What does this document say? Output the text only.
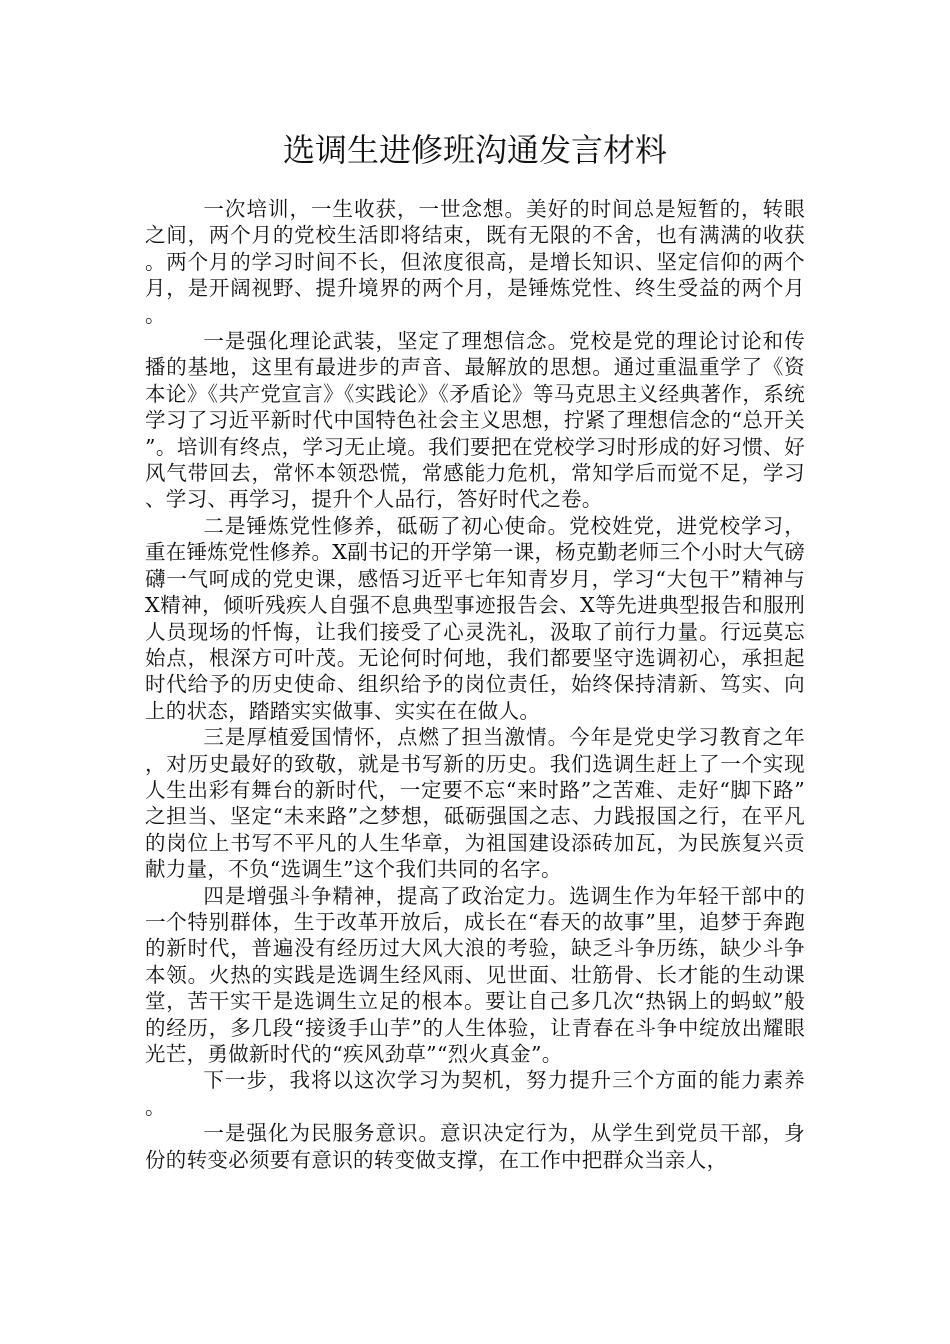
选调生进修班沟通发言材料

一次培训，一生收获，一世念想。美好的时间总是短暂的，转眼之间，两个月的党校生活即将结束，既有无限的不舍，也有满满的收获。两个月的学习时间不长，但浓度很高，是增长知识、坚定信仰的两个月，是开阔视野、提升境界的两个月，是锤炼党性、终生受益的两个月。

一是强化理论武装，坚定了理想信念。党校是党的理论讨论和传播的基地，这里有最进步的声音、最解放的思想。通过重温重学了《资本论》《共产党宣言》《实践论》《矛盾论》等马克思主义经典著作，系统学习了习近平新时代中国特色社会主义思想，拧紧了理想信念的“总开关”。培训有终点，学习无止境。我们要把在党校学习时形成的好习惯、好风气带回去，常怀本领恐慌，常感能力危机，常知学后而觉不足，学习、学习、再学习，提升个人品行，答好时代之卷。

二是锤炼党性修养，砥砺了初心使命。党校姓党，进党校学习，重在锤炼党性修养。X副书记的开学第一课，杨克勤老师三个小时大气磅礴一气呵成的党史课，感悟习近平七年知青岁月，学习“大包干”精神与X精神，倾听残疾人自强不息典型事迹报告会、X等先进典型报告和服刑人员现场的忏悔，让我们接受了心灵洗礼，汲取了前行力量。行远莫忘始点，根深方可叶茂。无论何时何地，我们都要坚守选调初心，承担起时代给予的历史使命、组织给予的岗位责任，始终保持清新、笃实、向上的状态，踏踏实实做事、实实在在做人。

三是厚植爱国情怀，点燃了担当激情。今年是党史学习教育之年，对历史最好的致敬，就是书写新的历史。我们选调生赶上了一个实现人生出彩有舞台的新时代，一定要不忘“来时路”之苦难、走好“脚下路”之担当、坚定“未来路”之梦想，砥砺强国之志、力践报国之行，在平凡的岗位上书写不平凡的人生华章，为祖国建设添砖加瓦，为民族复兴贡献力量，不负“选调生”这个我们共同的名字。

四是增强斗争精神，提高了政治定力。选调生作为年轻干部中的一个特别群体，生于改革开放后，成长在“春天的故事”里，追梦于奔跑的新时代，普遍没有经历过大风大浪的考验，缺乏斗争历练，缺少斗争本领。火热的实践是选调生经风雨、见世面、壮筋骨、长才能的生动课堂，苦干实干是选调生立足的根本。要让自己多几次“热锅上的蚂蚁”般的经历，多几段“接烫手山芋”的人生体验，让青春在斗争中绽放出耀眼光芒，勇做新时代的“疾风劲草”“烈火真金”。

下一步，我将以这次学习为契机，努力提升三个方面的能力素养。

一是强化为民服务意识。意识决定行为，从学生到党员干部，身份的转变必须要有意识的转变做支撑，在工作中把群众当亲人，
